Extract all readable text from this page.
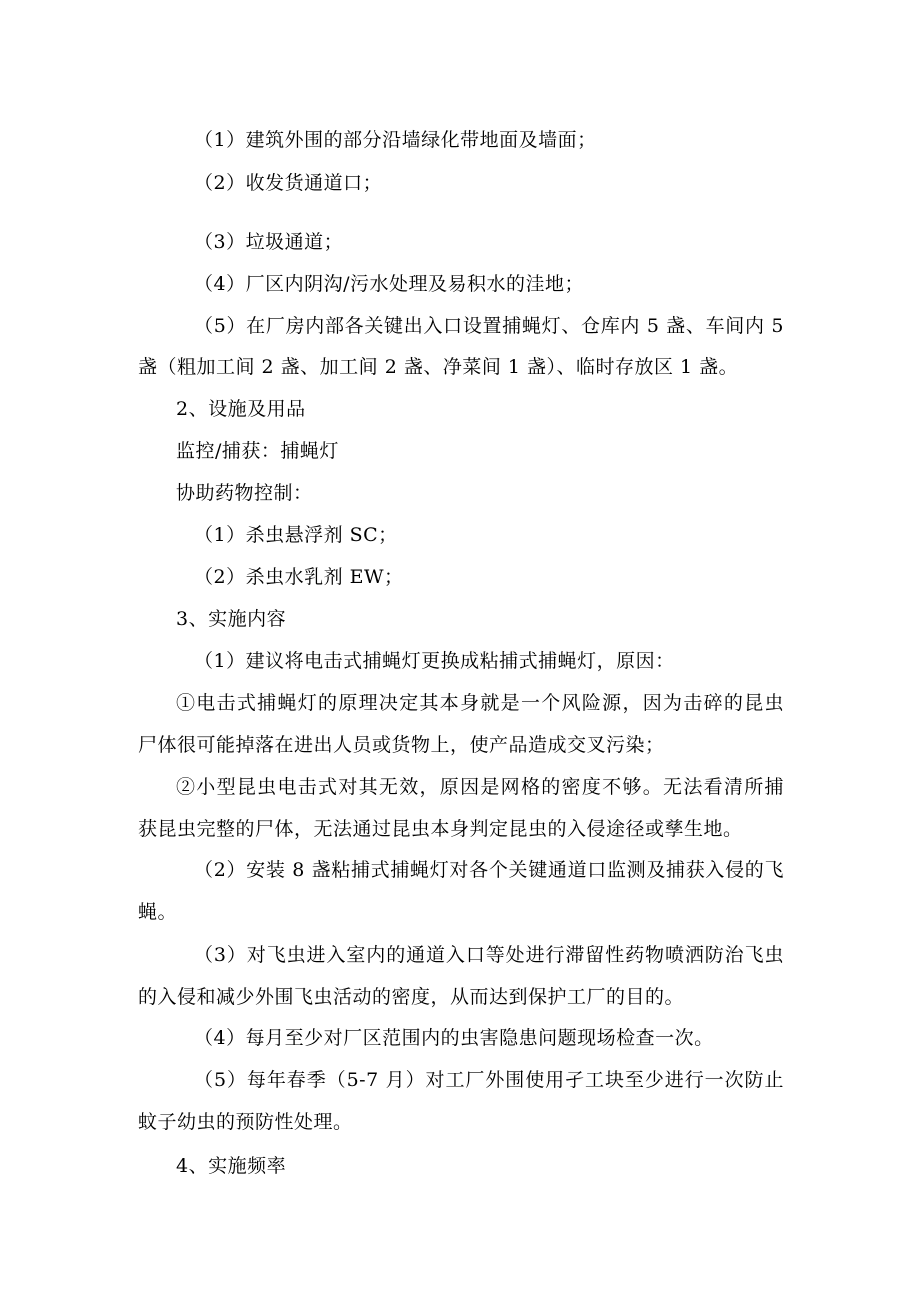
（1）建筑外围的部分沿墙绿化带地面及墙面；
（2）收发货通道口；
（3）垃圾通道；
（4）厂区内阴沟/污水处理及易积水的洼地；
（5）在厂房内部各关键出入口设置捕蝇灯、仓库内 5 盏、车间内 5
盏（粗加工间 2 盏、加工间 2 盏、净菜间 1 盏）、临时存放区 1 盏。
2、设施及用品
监控/捕获：捕蝇灯
协助药物控制：
（1）杀虫悬浮剂 SC；
（2）杀虫水乳剂 EW；
3、实施内容
（1）建议将电击式捕蝇灯更换成粘捕式捕蝇灯，原因：
①电击式捕蝇灯的原理决定其本身就是一个风险源，因为击碎的昆虫
尸体很可能掉落在进出人员或货物上，使产品造成交叉污染；
②小型昆虫电击式对其无效，原因是网格的密度不够。无法看清所捕
获昆虫完整的尸体，无法通过昆虫本身判定昆虫的入侵途径或孳生地。
（2）安装 8 盏粘捕式捕蝇灯对各个关键通道口监测及捕获入侵的飞
蝇。
（3）对飞虫进入室内的通道入口等处进行滞留性药物喷洒防治飞虫
的入侵和减少外围飞虫活动的密度，从而达到保护工厂的目的。
（4）每月至少对厂区范围内的虫害隐患问题现场检查一次。
（5）每年春季（5-7 月）对工厂外围使用孑工块至少进行一次防止
蚊子幼虫的预防性处理。
4、实施频率
